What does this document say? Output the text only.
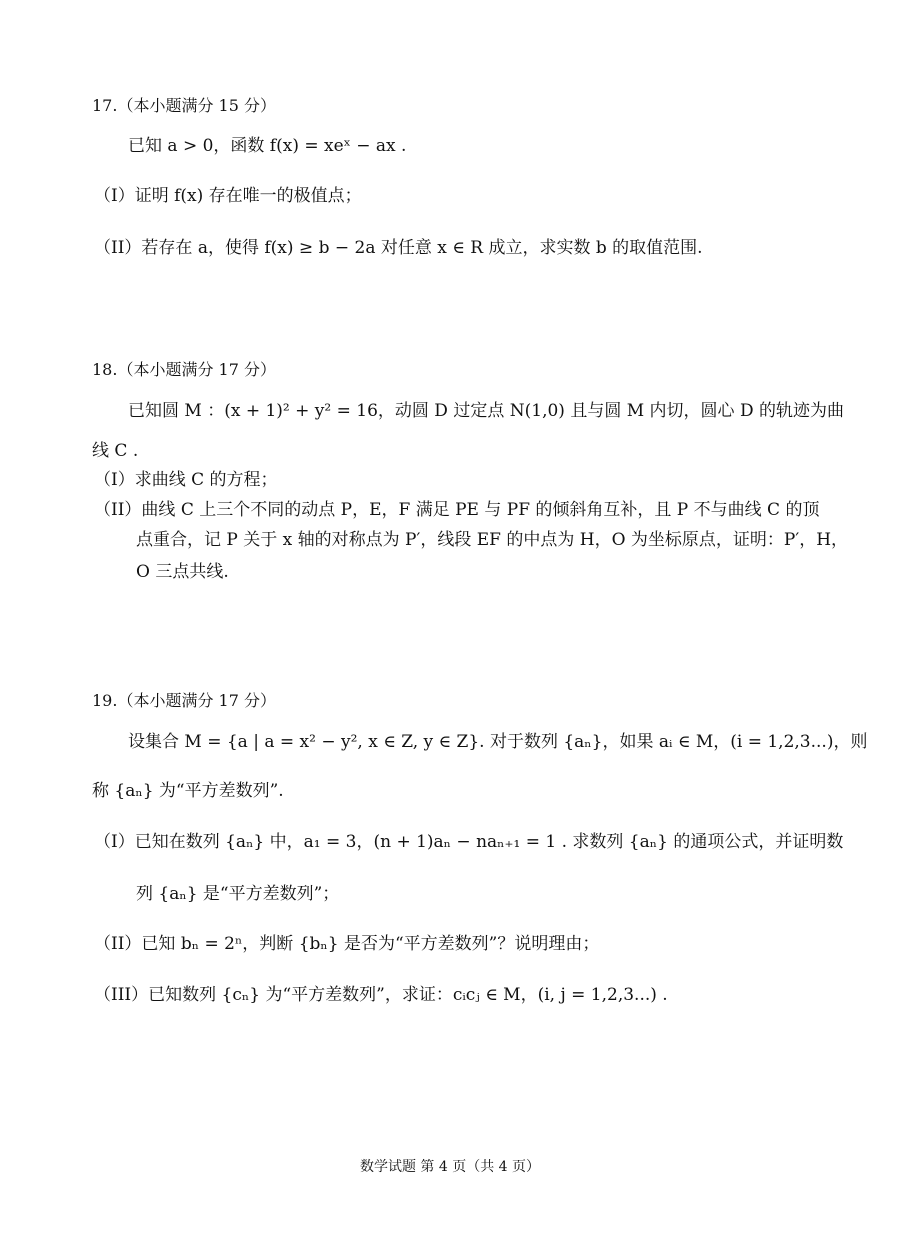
17.（本小题满分 15 分）
已知 a > 0，函数 f(x) = xeˣ − ax .
（I）证明 f(x) 存在唯一的极值点；
（II）若存在 a，使得 f(x) ≥ b − 2a 对任意 x ∈ R 成立，求实数 b 的取值范围.
18.（本小题满分 17 分）
已知圆 M ：(x + 1)² + y² = 16，动圆 D 过定点 N(1,0) 且与圆 M 内切，圆心 D 的轨迹为曲
线 C .
（I）求曲线 C 的方程；
（II）曲线 C 上三个不同的动点 P，E，F 满足 PE 与 PF 的倾斜角互补，且 P 不与曲线 C 的顶
点重合，记 P 关于 x 轴的对称点为 P′，线段 EF 的中点为 H，O 为坐标原点，证明：P′，H，
O 三点共线.
19.（本小题满分 17 分）
设集合 M = {a | a = x² − y², x ∈ Z, y ∈ Z}. 对于数列 {aₙ}，如果 aᵢ ∈ M，(i = 1,2,3...)，则
称 {aₙ} 为“平方差数列”.
（I）已知在数列 {aₙ} 中，a₁ = 3，(n + 1)aₙ − naₙ₊₁ = 1 . 求数列 {aₙ} 的通项公式，并证明数
列 {aₙ} 是“平方差数列”；
（II）已知 bₙ = 2ⁿ，判断 {bₙ} 是否为“平方差数列”？说明理由；
（III）已知数列 {cₙ} 为“平方差数列”，求证：cᵢcⱼ ∈ M，(i, j = 1,2,3...) .
数学试题 第 4 页（共 4 页）
